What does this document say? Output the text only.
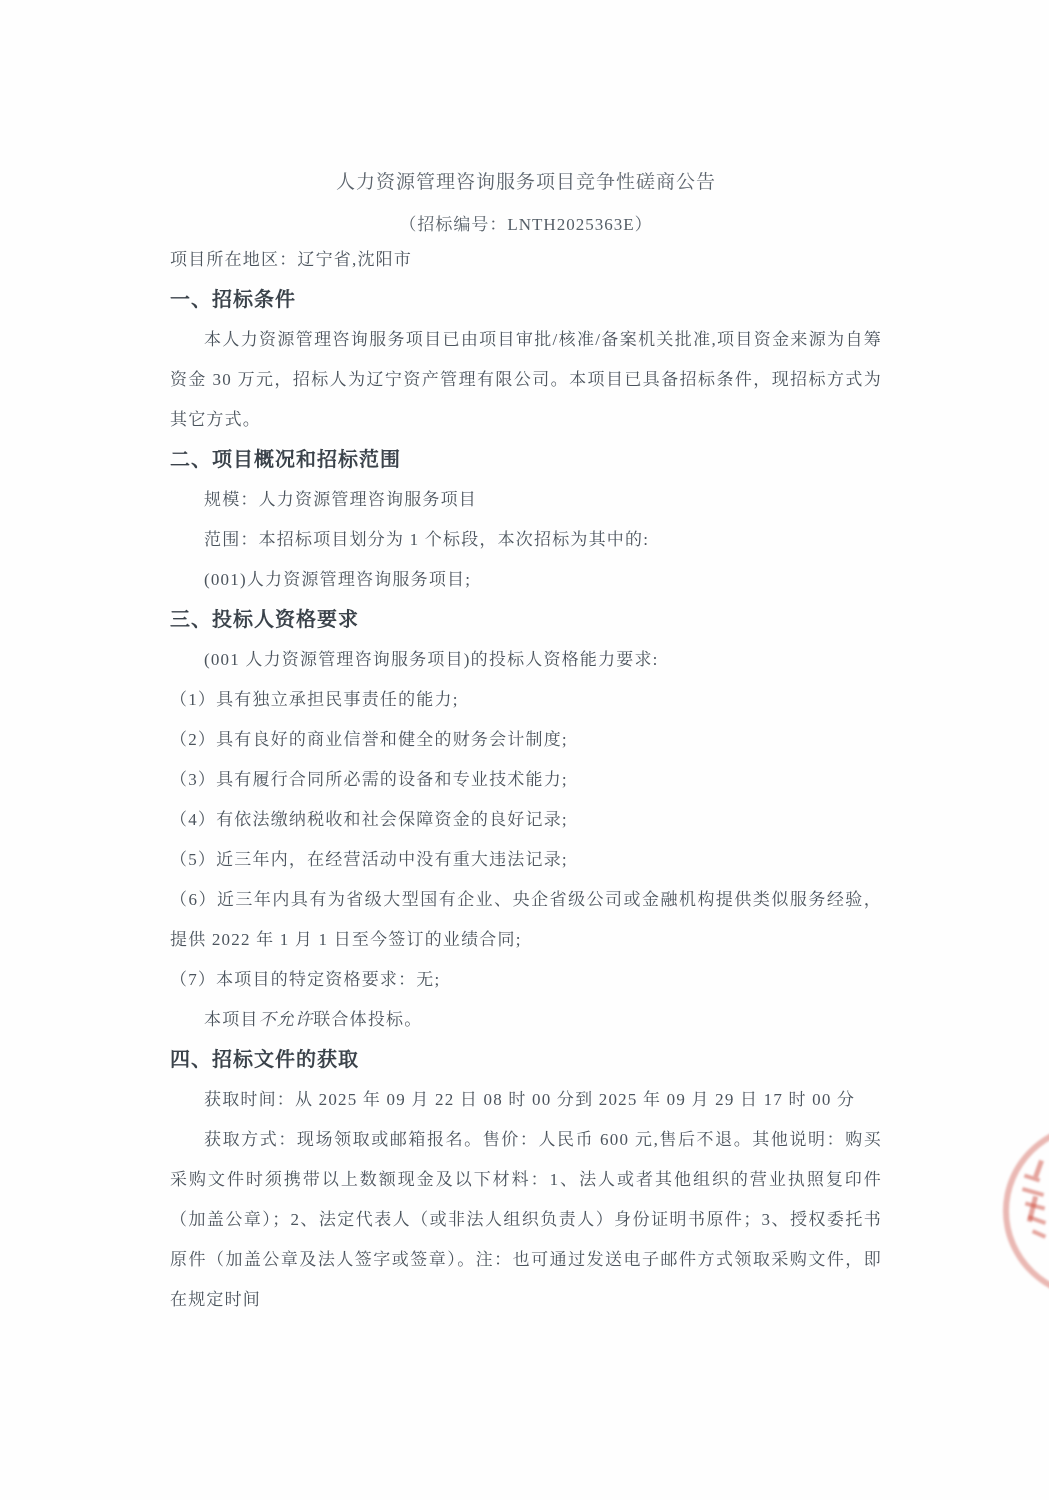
人力资源管理咨询服务项目竞争性磋商公告

（招标编号：LNTH2025363E）

项目所在地区：辽宁省,沈阳市

一、招标条件

本人力资源管理咨询服务项目已由项目审批/核准/备案机关批准,项目资金来源为自筹资金 30 万元，招标人为辽宁资产管理有限公司。本项目已具备招标条件，现招标方式为其它方式。

二、项目概况和招标范围

规模：人力资源管理咨询服务项目

范围：本招标项目划分为 1 个标段，本次招标为其中的:

(001)人力资源管理咨询服务项目;

三、投标人资格要求

(001 人力资源管理咨询服务项目)的投标人资格能力要求:

（1）具有独立承担民事责任的能力;

（2）具有良好的商业信誉和健全的财务会计制度;

（3）具有履行合同所必需的设备和专业技术能力;

（4）有依法缴纳税收和社会保障资金的良好记录;

（5）近三年内，在经营活动中没有重大违法记录;

（6）近三年内具有为省级大型国有企业、央企省级公司或金融机构提供类似服务经验，提供 2022 年 1 月 1 日至今签订的业绩合同;

（7）本项目的特定资格要求：无;

本项目不允许联合体投标。

四、招标文件的获取

获取时间：从 2025 年 09 月 22 日 08 时 00 分到 2025 年 09 月 29 日 17 时 00 分

获取方式：现场领取或邮箱报名。售价：人民币 600 元,售后不退。其他说明：购买采购文件时须携带以上数额现金及以下材料：1、法人或者其他组织的营业执照复印件（加盖公章）；2、法定代表人（或非法人组织负责人）身份证明书原件；3、授权委托书原件（加盖公章及法人签字或签章）。注：也可通过发送电子邮件方式领取采购文件，即在规定时间
